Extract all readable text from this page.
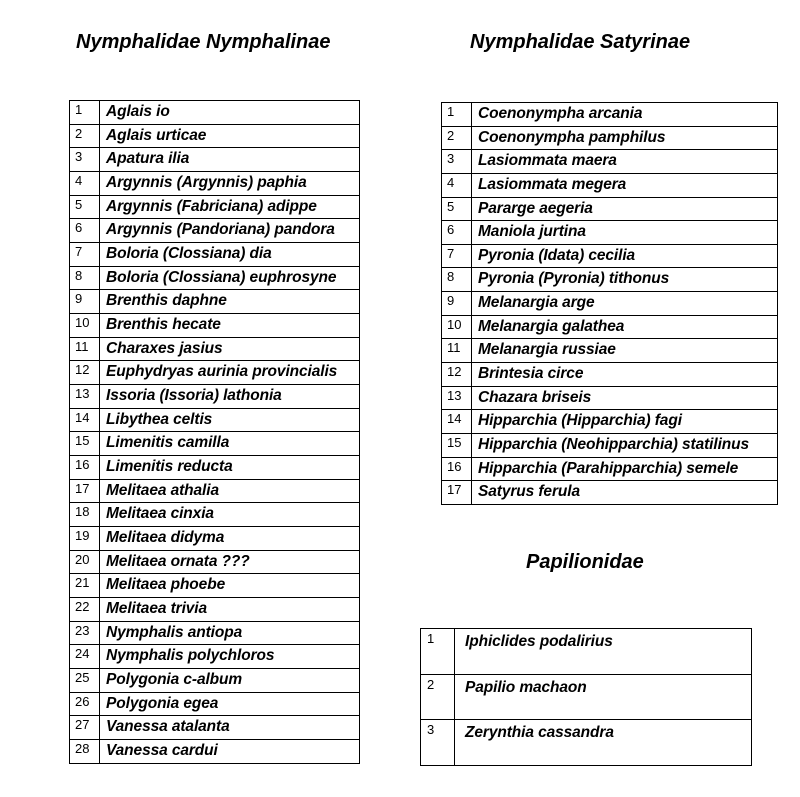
Nymphalidae Nymphalinae	Nymphalidae Satyrinae
Papilionidae
1	Aglais io
2	Aglais urticae
3	Apatura ilia
4	Argynnis (Argynnis) paphia
5	Argynnis (Fabriciana) adippe
6	Argynnis (Pandoriana) pandora
7	Boloria (Clossiana) dia
8	Boloria (Clossiana) euphrosyne
9	Brenthis daphne
10	Brenthis hecate
11	Charaxes jasius
12	Euphydryas aurinia provincialis
13	Issoria (Issoria) lathonia
14	Libythea celtis
15	Limenitis camilla
16	Limenitis reducta
17	Melitaea athalia
18	Melitaea cinxia
19	Melitaea didyma
20	Melitaea ornata ???
21	Melitaea phoebe
22	Melitaea trivia
23	Nymphalis antiopa
24	Nymphalis polychloros
25	Polygonia c-album
26	Polygonia egea
27	Vanessa atalanta
28	Vanessa cardui
1	Coenonympha arcania
2	Coenonympha pamphilus
3	Lasiommata maera
4	Lasiommata megera
5	Pararge aegeria
6	Maniola jurtina
7	Pyronia (Idata) cecilia
8	Pyronia (Pyronia) tithonus
9	Melanargia arge
10	Melanargia galathea
11	Melanargia russiae
12	Brintesia circe
13	Chazara briseis
14	Hipparchia (Hipparchia) fagi
15	Hipparchia (Neohipparchia) statilinus
16	Hipparchia (Parahipparchia) semele
17	Satyrus ferula
1	Iphiclides podalirius
2	Papilio machaon
3	Zerynthia cassandra
